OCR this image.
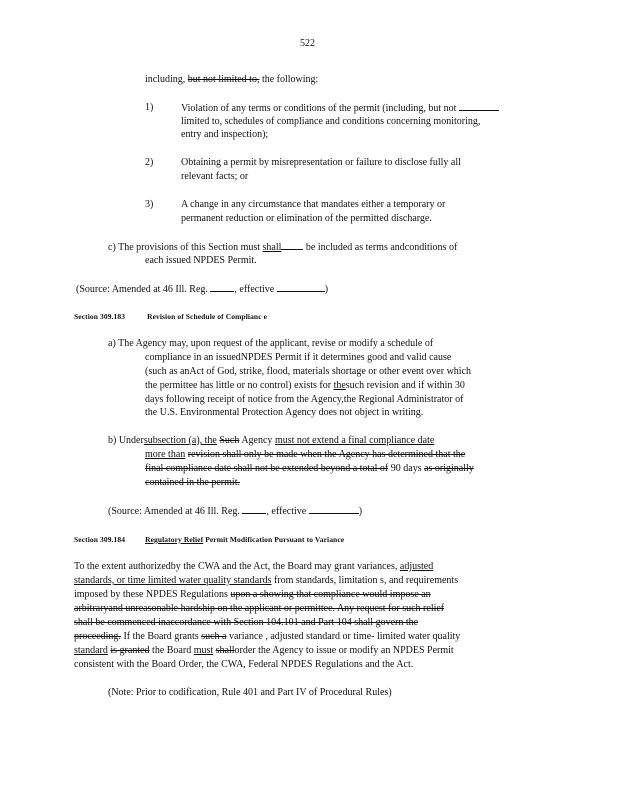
522
including, but not limited to, the following:
1)	Violation of any terms or conditions of the permit (including, but not
limited to, schedules of compliance and conditions concerning monitoring,
entry and inspection);
2)	Obtaining a permit by misrepresentation or failure to disclose fully all
relevant facts; or
3)	A change in any circumstance that mandates either a temporary or
permanent reduction or elimination of the permitted discharge.
c) The provisions of this Section must shall be included as terms andconditions of
each issued NPDES Permit.
(Source: Amended at 46 Ill. Reg.	, effective	)
Section 309.183	Revision of Schedule of Complianc e
a) The Agency may, upon request of the applicant, revise or modify a schedule of
compliance in an issuedNPDES Permit if it determines good and valid cause
(such as anAct of God, strike, flood, materials shortage or other event over which
the permittee has little or no control) exists for thesuch revision and if within 30
days following receipt of notice from the Agency,the Regional Administrator of
the U.S. Environmental Protection Agency does not object in writing.
b) Undersubsection (a), the Such Agency must not extend a final compliance date
more than revision shall only be made when the Agency has determined that the
final compliance date shall not be extended beyond a total of 90 days as originally
contained in the permit.
(Source: Amended at 46 Ill. Reg.	, effective	)
Section 309.184	Regulatory Relief Permit Modification Pursuant to Variance
To the extent authorizedby the CWA and the Act, the Board may grant variances, adjusted
standards, or time limited water quality standards from standards, limitation s, and requirements
imposed by these NPDES Regulations upon a showing that compliance would impose an
arbitraryand unreasonable hardship on the applicant or permittee. Any request for such relief
shall be commenced inaccordance with Section 104.101 and Part 104 shall govern the
proceeding. If the Board grants such a variance , adjusted standard or time- limited water quality
standard is granted the Board must shallorder the Agency to issue or modify an NPDES Permit
consistent with the Board Order, the CWA, Federal NPDES Regulations and the Act.
(Note: Prior to codification, Rule 401 and Part IV of Procedural Rules)
